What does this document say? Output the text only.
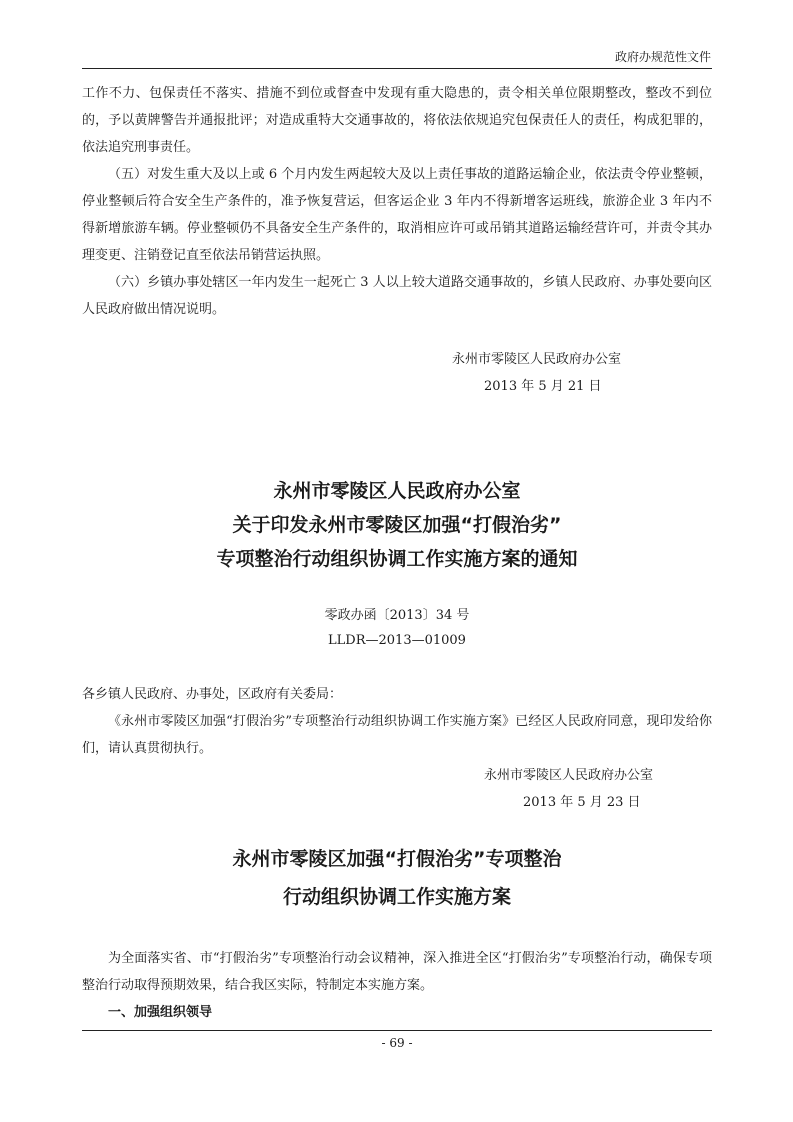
政府办规范性文件

工作不力、包保责任不落实、措施不到位或督查中发现有重大隐患的，责令相关单位限期整改，整改不到位的，予以黄牌警告并通报批评；对造成重特大交通事故的，将依法依规追究包保责任人的责任，构成犯罪的，依法追究刑事责任。

（五）对发生重大及以上或 6 个月内发生两起较大及以上责任事故的道路运输企业，依法责令停业整顿，停业整顿后符合安全生产条件的，准予恢复营运，但客运企业 3 年内不得新增客运班线，旅游企业 3 年内不得新增旅游车辆。停业整顿仍不具备安全生产条件的，取消相应许可或吊销其道路运输经营许可，并责令其办理变更、注销登记直至依法吊销营运执照。

（六）乡镇办事处辖区一年内发生一起死亡 3 人以上较大道路交通事故的，乡镇人民政府、办事处要向区人民政府做出情况说明。

永州市零陵区人民政府办公室
2013 年 5 月 21 日
永州市零陵区人民政府办公室
关于印发永州市零陵区加强“打假治劣”
专项整治行动组织协调工作实施方案的通知
零政办函〔2013〕34 号
LLDR—2013—01009

各乡镇人民政府、办事处，区政府有关委局：

《永州市零陵区加强“打假治劣”专项整治行动组织协调工作实施方案》已经区人民政府同意，现印发给你们，请认真贯彻执行。

永州市零陵区人民政府办公室
2013 年 5 月 23 日
永州市零陵区加强“打假治劣”专项整治
行动组织协调工作实施方案

为全面落实省、市“打假治劣”专项整治行动会议精神，深入推进全区“打假治劣”专项整治行动，确保专项整治行动取得预期效果，结合我区实际，特制定本实施方案。

一、加强组织领导
- 69 -
